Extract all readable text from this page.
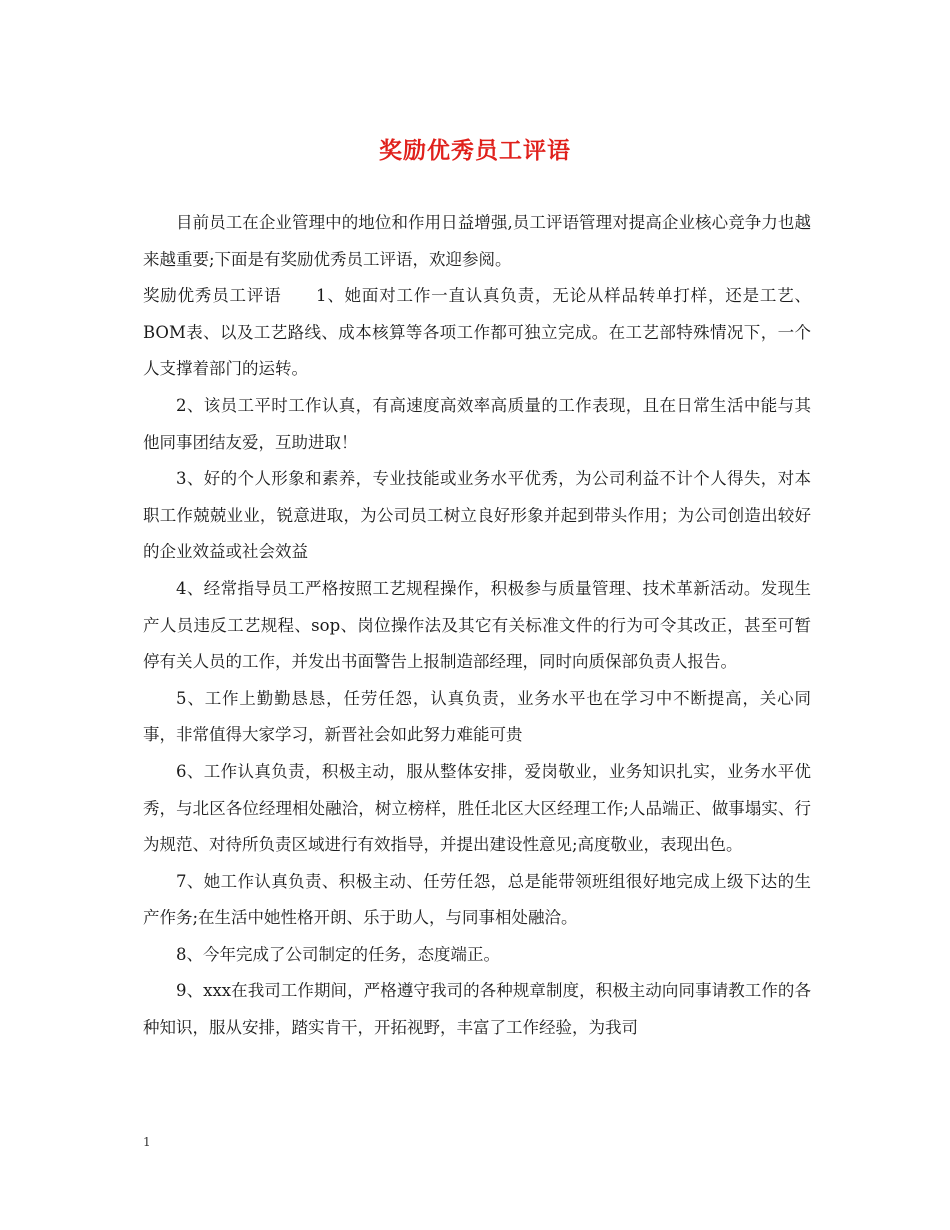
奖励优秀员工评语

目前员工在企业管理中的地位和作用日益增强,员工评语管理对提高企业核心竞争力也越来越重要;下面是有奖励优秀员工评语，欢迎参阅。

奖励优秀员工评语　　1、她面对工作一直认真负责，无论从样品转单打样，还是工艺、BOM表、以及工艺路线、成本核算等各项工作都可独立完成。在工艺部特殊情况下，一个人支撑着部门的运转。

2、该员工平时工作认真，有高速度高效率高质量的工作表现，且在日常生活中能与其他同事团结友爱，互助进取！

3、好的个人形象和素养，专业技能或业务水平优秀，为公司利益不计个人得失，对本职工作兢兢业业，锐意进取，为公司员工树立良好形象并起到带头作用；为公司创造出较好的企业效益或社会效益

4、经常指导员工严格按照工艺规程操作，积极参与质量管理、技术革新活动。发现生产人员违反工艺规程、sop、岗位操作法及其它有关标准文件的行为可令其改正，甚至可暂停有关人员的工作，并发出书面警告上报制造部经理，同时向质保部负责人报告。

5、工作上勤勤恳恳，任劳任怨，认真负责，业务水平也在学习中不断提高，关心同事，非常值得大家学习，新晋社会如此努力难能可贵

6、工作认真负责，积极主动，服从整体安排，爱岗敬业，业务知识扎实，业务水平优秀，与北区各位经理相处融洽，树立榜样，胜任北区大区经理工作;人品端正、做事塌实、行为规范、对待所负责区域进行有效指导，并提出建设性意见;高度敬业，表现出色。

7、她工作认真负责、积极主动、任劳任怨，总是能带领班组很好地完成上级下达的生产作务;在生活中她性格开朗、乐于助人，与同事相处融洽。

8、今年完成了公司制定的任务，态度端正。

9、xxx在我司工作期间，严格遵守我司的各种规章制度，积极主动向同事请教工作的各种知识，服从安排，踏实肯干，开拓视野，丰富了工作经验，为我司

1
